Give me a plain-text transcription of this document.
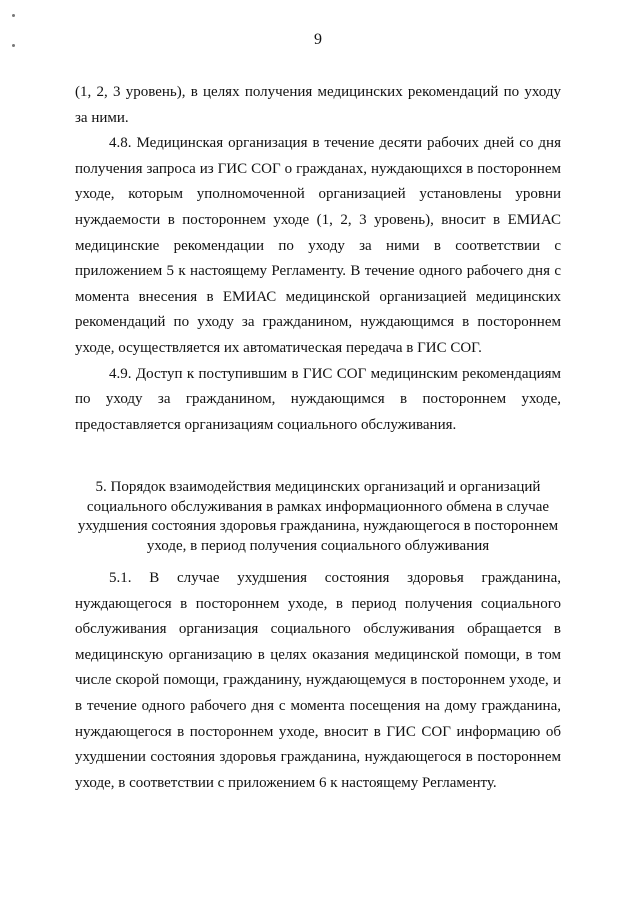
9

(1, 2, 3 уровень), в целях получения медицинских рекомендаций по уходу за ними.

4.8. Медицинская организация в течение десяти рабочих дней со дня получения запроса из ГИС СОГ о гражданах, нуждающихся в постороннем уходе, которым уполномоченной организацией установлены уровни нуждаемости в постороннем уходе (1, 2, 3 уровень), вносит в ЕМИАС медицинские рекомендации по уходу за ними в соответствии с приложением 5 к настоящему Регламенту. В течение одного рабочего дня с момента внесения в ЕМИАС медицинской организацией медицинских рекомендаций по уходу за гражданином, нуждающимся в постороннем уходе, осуществляется их автоматическая передача в ГИС СОГ.

4.9. Доступ к поступившим в ГИС СОГ медицинским рекомендациям по уходу за гражданином, нуждающимся в постороннем уходе, предоставляется организациям социального обслуживания.

5. Порядок взаимодействия медицинских организаций и организаций социального обслуживания в рамках информационного обмена в случае ухудшения состояния здоровья гражданина, нуждающегося в постороннем уходе, в период получения социального облуживания

5.1. В случае ухудшения состояния здоровья гражданина, нуждающегося в постороннем уходе, в период получения социального обслуживания организация социального обслуживания обращается в медицинскую организацию в целях оказания медицинской помощи, в том числе скорой помощи, гражданину, нуждающемуся в постороннем уходе, и в течение одного рабочего дня с момента посещения на дому гражданина, нуждающегося в постороннем уходе, вносит в ГИС СОГ информацию об ухудшении состояния здоровья гражданина, нуждающегося в постороннем уходе, в соответствии с приложением 6 к настоящему Регламенту.
